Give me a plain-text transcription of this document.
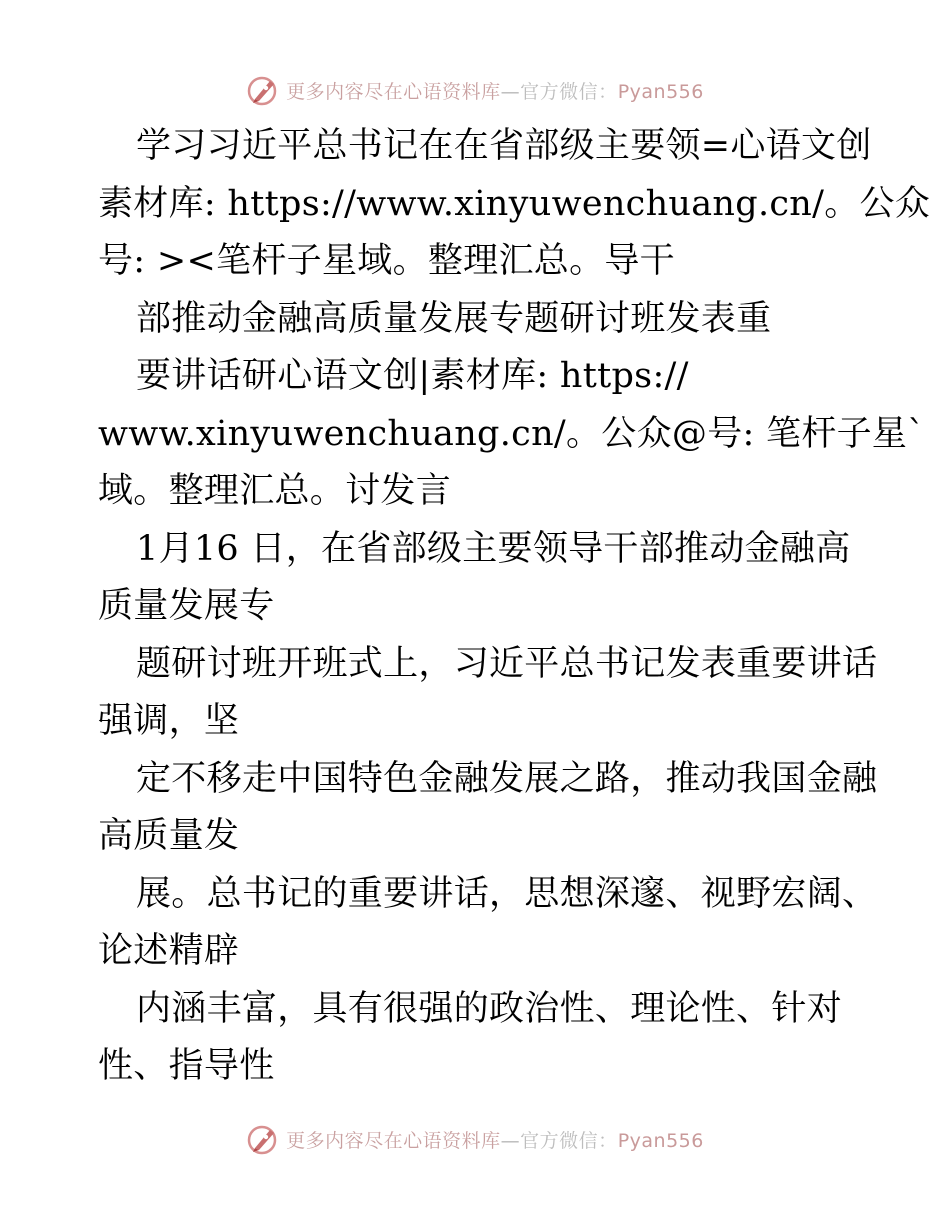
更多内容尽在心语资料库—官方微信：Pyan556
学习习近平总书记在在省部级主要领=心语文创
素材库: https://www.xinyuwenchuang.cn/。公众
号: ><笔杆子星域。整理汇总。导干
部推动金融高质量发展专题研讨班发表重
要讲话研心语文创|素材库: https://
www.xinyuwenchuang.cn/。公众@号: 笔杆子星`
域。整理汇总。讨发言
1月16 日，在省部级主要领导干部推动金融高
质量发展专
题研讨班开班式上，习近平总书记发表重要讲话
强调，坚
定不移走中国特色金融发展之路，推动我国金融
高质量发
展。总书记的重要讲话，思想深邃、视野宏阔、
论述精辟
内涵丰富，具有很强的政治性、理论性、针对
性、指导性
更多内容尽在心语资料库—官方微信：Pyan556
